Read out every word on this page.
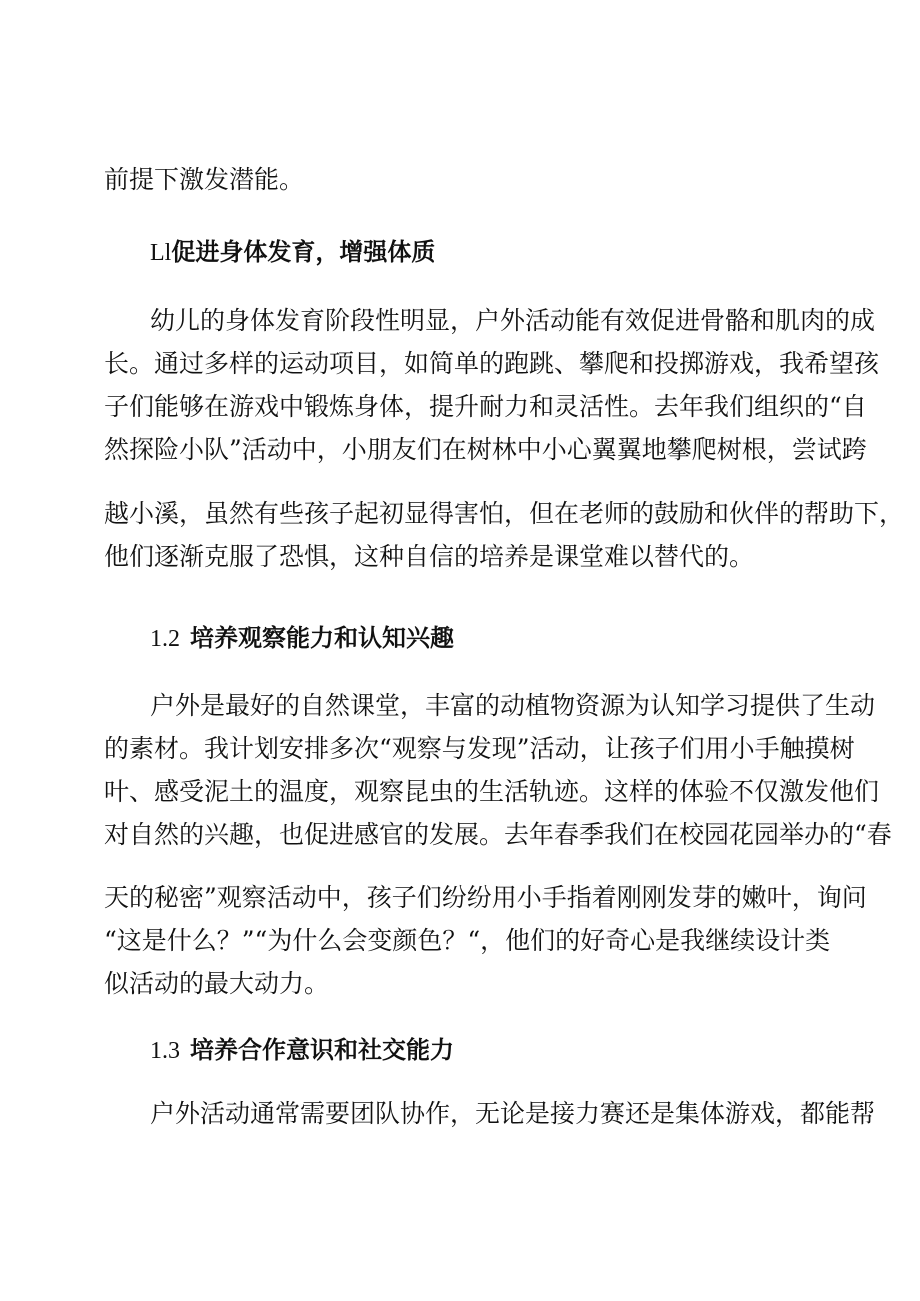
前提下激发潜能。
Ll促进身体发育，增强体质
幼儿的身体发育阶段性明显，户外活动能有效促进骨骼和肌肉的成
长。通过多样的运动项目，如简单的跑跳、攀爬和投掷游戏，我希望孩
子们能够在游戏中锻炼身体，提升耐力和灵活性。去年我们组织的“自
然探险小队”活动中，小朋友们在树林中小心翼翼地攀爬树根，尝试跨
越小溪，虽然有些孩子起初显得害怕，但在老师的鼓励和伙伴的帮助下，
他们逐渐克服了恐惧，这种自信的培养是课堂难以替代的。
1.2 培养观察能力和认知兴趣
户外是最好的自然课堂，丰富的动植物资源为认知学习提供了生动
的素材。我计划安排多次“观察与发现”活动，让孩子们用小手触摸树
叶、感受泥土的温度，观察昆虫的生活轨迹。这样的体验不仅激发他们
对自然的兴趣，也促进感官的发展。去年春季我们在校园花园举办的“春
天的秘密”观察活动中，孩子们纷纷用小手指着刚刚发芽的嫩叶，询问
“这是什么？”“为什么会变颜色？“，他们的好奇心是我继续设计类
似活动的最大动力。
1.3 培养合作意识和社交能力
户外活动通常需要团队协作，无论是接力赛还是集体游戏，都能帮
